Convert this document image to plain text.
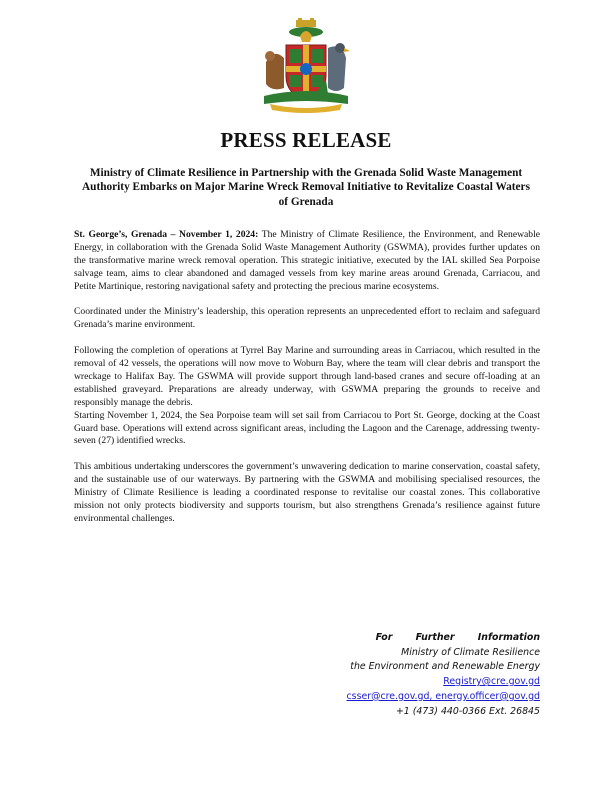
PRESS RELEASE
Ministry of Climate Resilience in Partnership with the Grenada Solid Waste Management Authority Embarks on Major Marine Wreck Removal Initiative to Revitalize Coastal Waters of Grenada

St. George’s, Grenada – November 1, 2024: The Ministry of Climate Resilience, the Environment, and Renewable Energy, in collaboration with the Grenada Solid Waste Management Authority (GSWMA), provides further updates on the transformative marine wreck removal operation. This strategic initiative, executed by the IAL skilled Sea Porpoise salvage team, aims to clear abandoned and damaged vessels from key marine areas around Grenada, Carriacou, and Petite Martinique, restoring navigational safety and protecting the precious marine ecosystems.

Coordinated under the Ministry’s leadership, this operation represents an unprecedented effort to reclaim and safeguard Grenada’s marine environment.

Following the completion of operations at Tyrrel Bay Marine and surrounding areas in Carriacou, which resulted in the removal of 42 vessels, the operations will now move to Woburn Bay, where the team will clear debris and transport the wreckage to Halifax Bay. The GSWMA will provide support through land-based cranes and secure off-loading at an established graveyard. Preparations are already underway, with GSWMA preparing the grounds to receive and responsibly manage the debris.

Starting November 1, 2024, the Sea Porpoise team will set sail from Carriacou to Port St. George, docking at the Coast Guard base. Operations will extend across significant areas, including the Lagoon and the Carenage, addressing twenty-seven (27) identified wrecks.

This ambitious undertaking underscores the government’s unwavering dedication to marine conservation, coastal safety, and the sustainable use of our waterways. By partnering with the GSWMA and mobilising specialised resources, the Ministry of Climate Resilience is leading a coordinated response to revitalise our coastal zones. This collaborative mission not only protects biodiversity and supports tourism, but also strengthens Grenada’s resilience against future environmental challenges.

For Further Information
Ministry of Climate Resilience
the Environment and Renewable Energy
Registry@cre.gov.gd
csser@cre.gov.gd, energy.officer@gov.gd
+1 (473) 440-0366 Ext. 26845
